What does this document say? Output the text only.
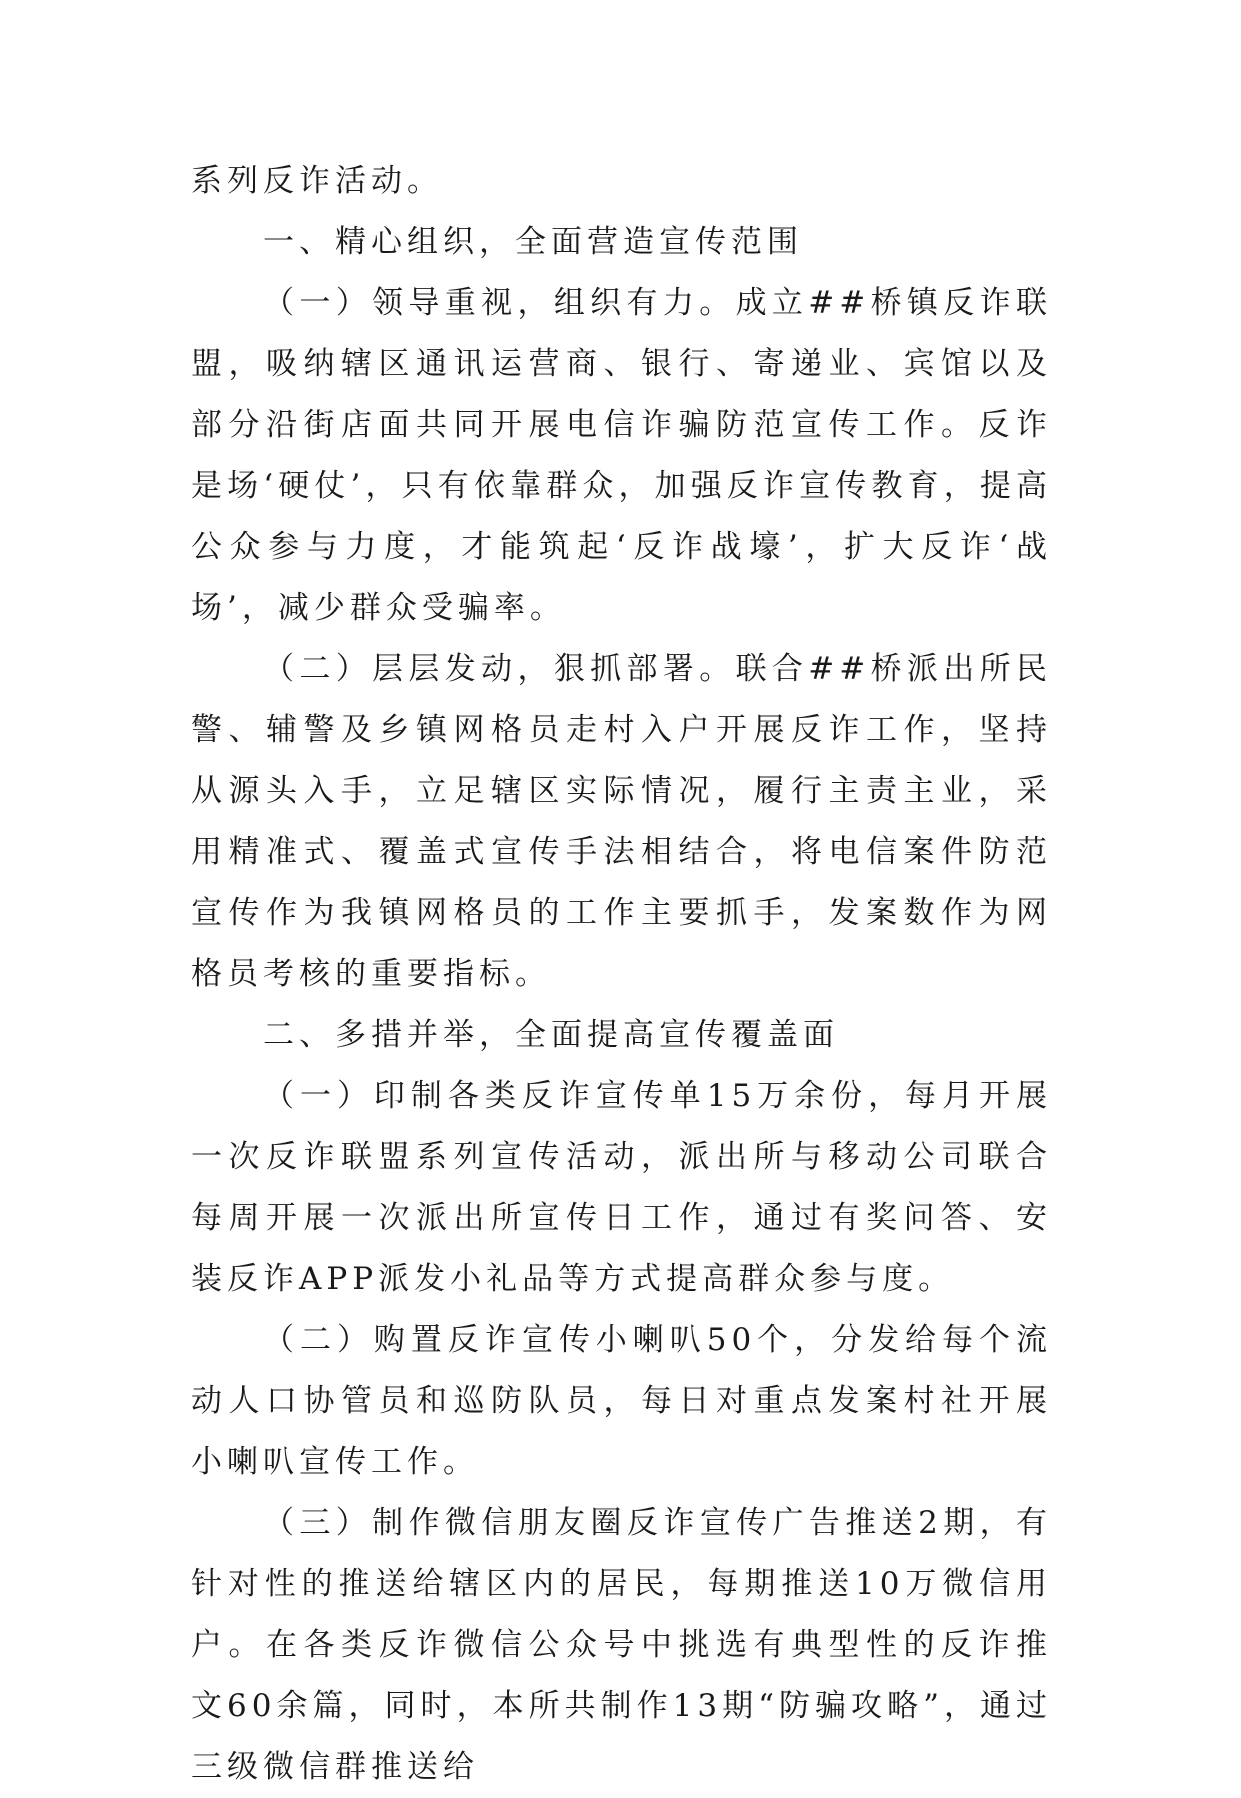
系列反诈活动。

一、精心组织，全面营造宣传范围

（一）领导重视，组织有力。成立##桥镇反诈联盟，吸纳辖区通讯运营商、银行、寄递业、宾馆以及部分沿街店面共同开展电信诈骗防范宣传工作。反诈是场‘硬仗’，只有依靠群众，加强反诈宣传教育，提高公众参与力度，才能筑起‘反诈战壕’，扩大反诈‘战场’，减少群众受骗率。

（二）层层发动，狠抓部署。联合##桥派出所民警、辅警及乡镇网格员走村入户开展反诈工作，坚持从源头入手，立足辖区实际情况，履行主责主业，采用精准式、覆盖式宣传手法相结合，将电信案件防范宣传作为我镇网格员的工作主要抓手，发案数作为网格员考核的重要指标。

二、多措并举，全面提高宣传覆盖面

（一）印制各类反诈宣传单15万余份，每月开展一次反诈联盟系列宣传活动，派出所与移动公司联合每周开展一次派出所宣传日工作，通过有奖问答、安装反诈APP派发小礼品等方式提高群众参与度。

（二）购置反诈宣传小喇叭50个，分发给每个流动人口协管员和巡防队员，每日对重点发案村社开展小喇叭宣传工作。

（三）制作微信朋友圈反诈宣传广告推送2期，有针对性的推送给辖区内的居民，每期推送10万微信用户。在各类反诈微信公众号中挑选有典型性的反诈推文60余篇，同时，本所共制作13期“防骗攻略”，通过三级微信群推送给
